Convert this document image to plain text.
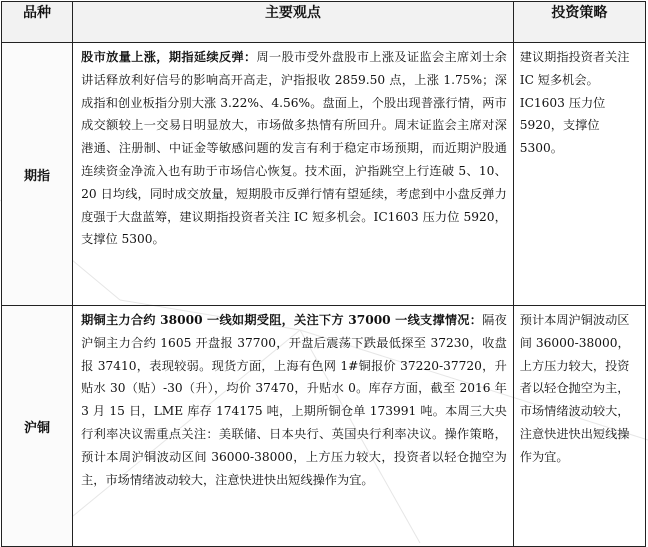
品种	主要观点	投资策略
期指	股市放量上涨，期指延续反弹：周一股市受外盘股市上涨及证监会主席刘士余讲话释放利好信号的影响高开高走，沪指报收 2859.50 点，上涨 1.75%；深成指和创业板指分别大涨 3.22%、4.56%。盘面上，个股出现普涨行情，两市成交额较上一交易日明显放大，市场做多热情有所回升。周末证监会主席对深港通、注册制、中证金等敏感问题的发言有利于稳定市场预期，而近期沪股通连续资金净流入也有助于市场信心恢复。技术面，沪指跳空上行连破 5、10、20 日均线，同时成交放量，短期股市反弹行情有望延续，考虑到中小盘反弹力度强于大盘蓝筹，建议期指投资者关注 IC 短多机会。IC1603 压力位 5920，支撑位 5300。	建议期指投资者关注 IC 短多机会。IC1603 压力位 5920，支撑位 5300。
沪铜	期铜主力合约 38000 一线如期受阻，关注下方 37000 一线支撑情况：隔夜沪铜主力合约 1605 开盘报 37700，开盘后震荡下跌最低探至 37230，收盘报 37410，表现较弱。现货方面，上海有色网 1#铜报价 37220-37720，升贴水 30（贴）-30（升），均价 37470，升贴水 0。库存方面，截至 2016 年 3 月 15 日，LME 库存 174175 吨，上期所铜仓单 173991 吨。本周三大央行利率决议需重点关注：美联储、日本央行、英国央行利率决议。操作策略，预计本周沪铜波动区间 36000-38000，上方压力较大，投资者以轻仓抛空为主，市场情绪波动较大，注意快进快出短线操作为宜。	预计本周沪铜波动区间 36000-38000，上方压力较大，投资者以轻仓抛空为主，市场情绪波动较大，注意快进快出短线操作为宜。
